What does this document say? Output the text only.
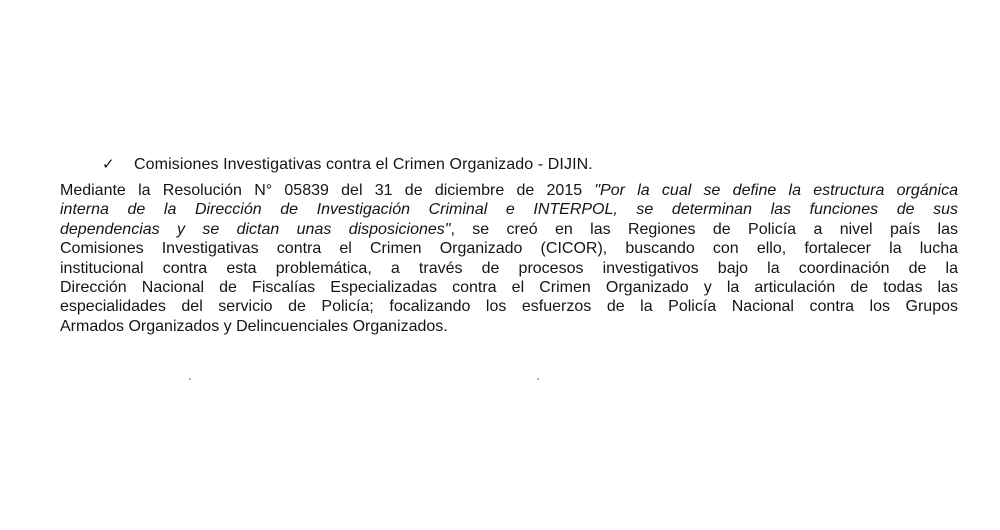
✓ Comisiones Investigativas contra el Crimen Organizado - DIJIN.
Mediante la Resolución N° 05839 del 31 de diciembre de 2015 "Por la cual se define la estructura orgánica
interna de la Dirección de Investigación Criminal e INTERPOL, se determinan las funciones de sus
dependencias y se dictan unas disposiciones", se creó en las Regiones de Policía a nivel país las
Comisiones Investigativas contra el Crimen Organizado (CICOR), buscando con ello, fortalecer la lucha
institucional contra esta problemática, a través de procesos investigativos bajo la coordinación de la
Dirección Nacional de Fiscalías Especializadas contra el Crimen Organizado y la articulación de todas las
especialidades del servicio de Policía; focalizando los esfuerzos de la Policía Nacional contra los Grupos
Armados Organizados y Delincuenciales Organizados.
